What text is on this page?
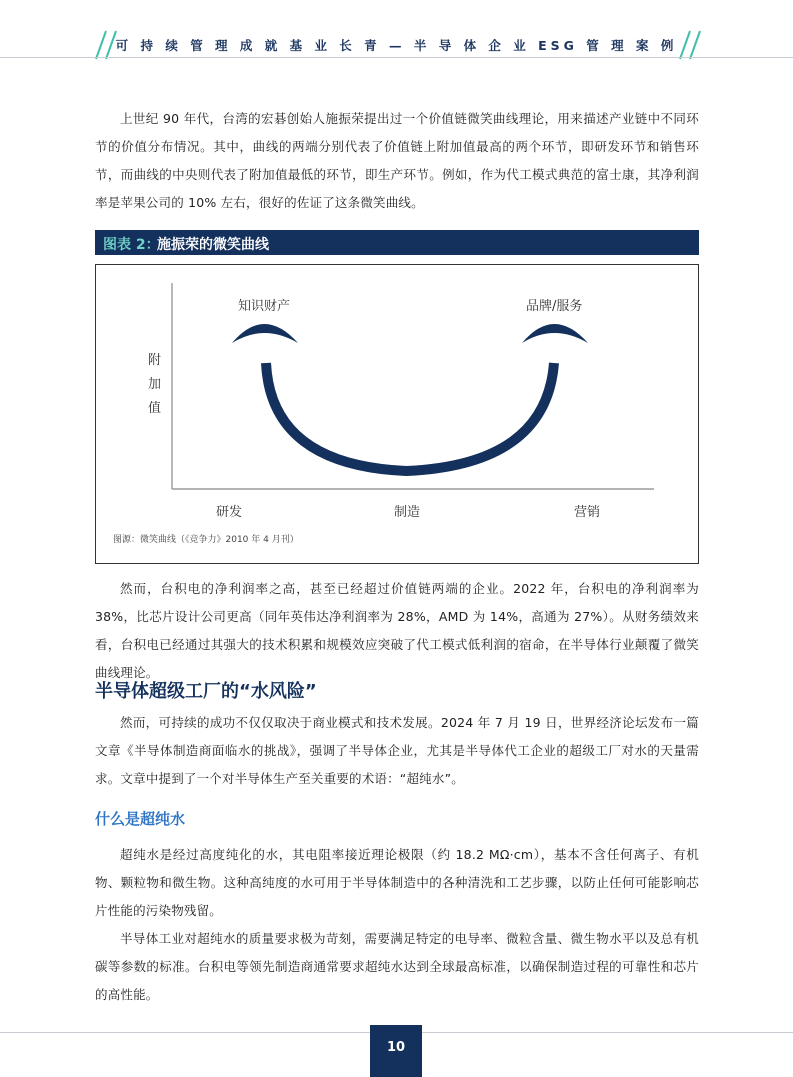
可 持 续 管 理 成 就 基 业 长 青 — 半 导 体 企 业 ESG 管 理 案 例
上世纪 90 年代，台湾的宏碁创始人施振荣提出过一个价值链微笑曲线理论，用来描述产业链中不同环节的价值分布情况。其中，曲线的两端分别代表了价值链上附加值最高的两个环节，即研发环节和销售环节，而曲线的中央则代表了附加值最低的环节，即生产环节。例如，作为代工模式典范的富士康，其净利润率是苹果公司的 10% 左右，很好的佐证了这条微笑曲线。
图表 2：
施振荣的微笑曲线
知识财产	品牌/服务
附
加
值
研发	制造	营销
图源：微笑曲线（《竞争力》2010 年 4 月刊）
然而，台积电的净利润率之高，甚至已经超过价值链两端的企业。2022 年，台积电的净利润率为 38%，比芯片设计公司更高（同年英伟达净利润率为 28%，AMD 为 14%，高通为 27%）。从财务绩效来看，台积电已经通过其强大的技术积累和规模效应突破了代工模式低利润的宿命，在半导体行业颠覆了微笑曲线理论。
半导体超级工厂的“水风险”
然而，可持续的成功不仅仅取决于商业模式和技术发展。2024 年 7 月 19 日，世界经济论坛发布一篇文章《半导体制造商面临水的挑战》，强调了半导体企业，尤其是半导体代工企业的超级工厂对水的天量需求。文章中提到了一个对半导体生产至关重要的术语：“超纯水”。
什么是超纯水
超纯水是经过高度纯化的水，其电阻率接近理论极限（约 18.2 MΩ·cm），基本不含任何离子、有机物、颗粒物和微生物。这种高纯度的水可用于半导体制造中的各种清洗和工艺步骤，以防止任何可能影响芯片性能的污染物残留。
半导体工业对超纯水的质量要求极为苛刻，需要满足特定的电导率、微粒含量、微生物水平以及总有机碳等参数的标准。台积电等领先制造商通常要求超纯水达到全球最高标准，以确保制造过程的可靠性和芯片的高性能。
10
